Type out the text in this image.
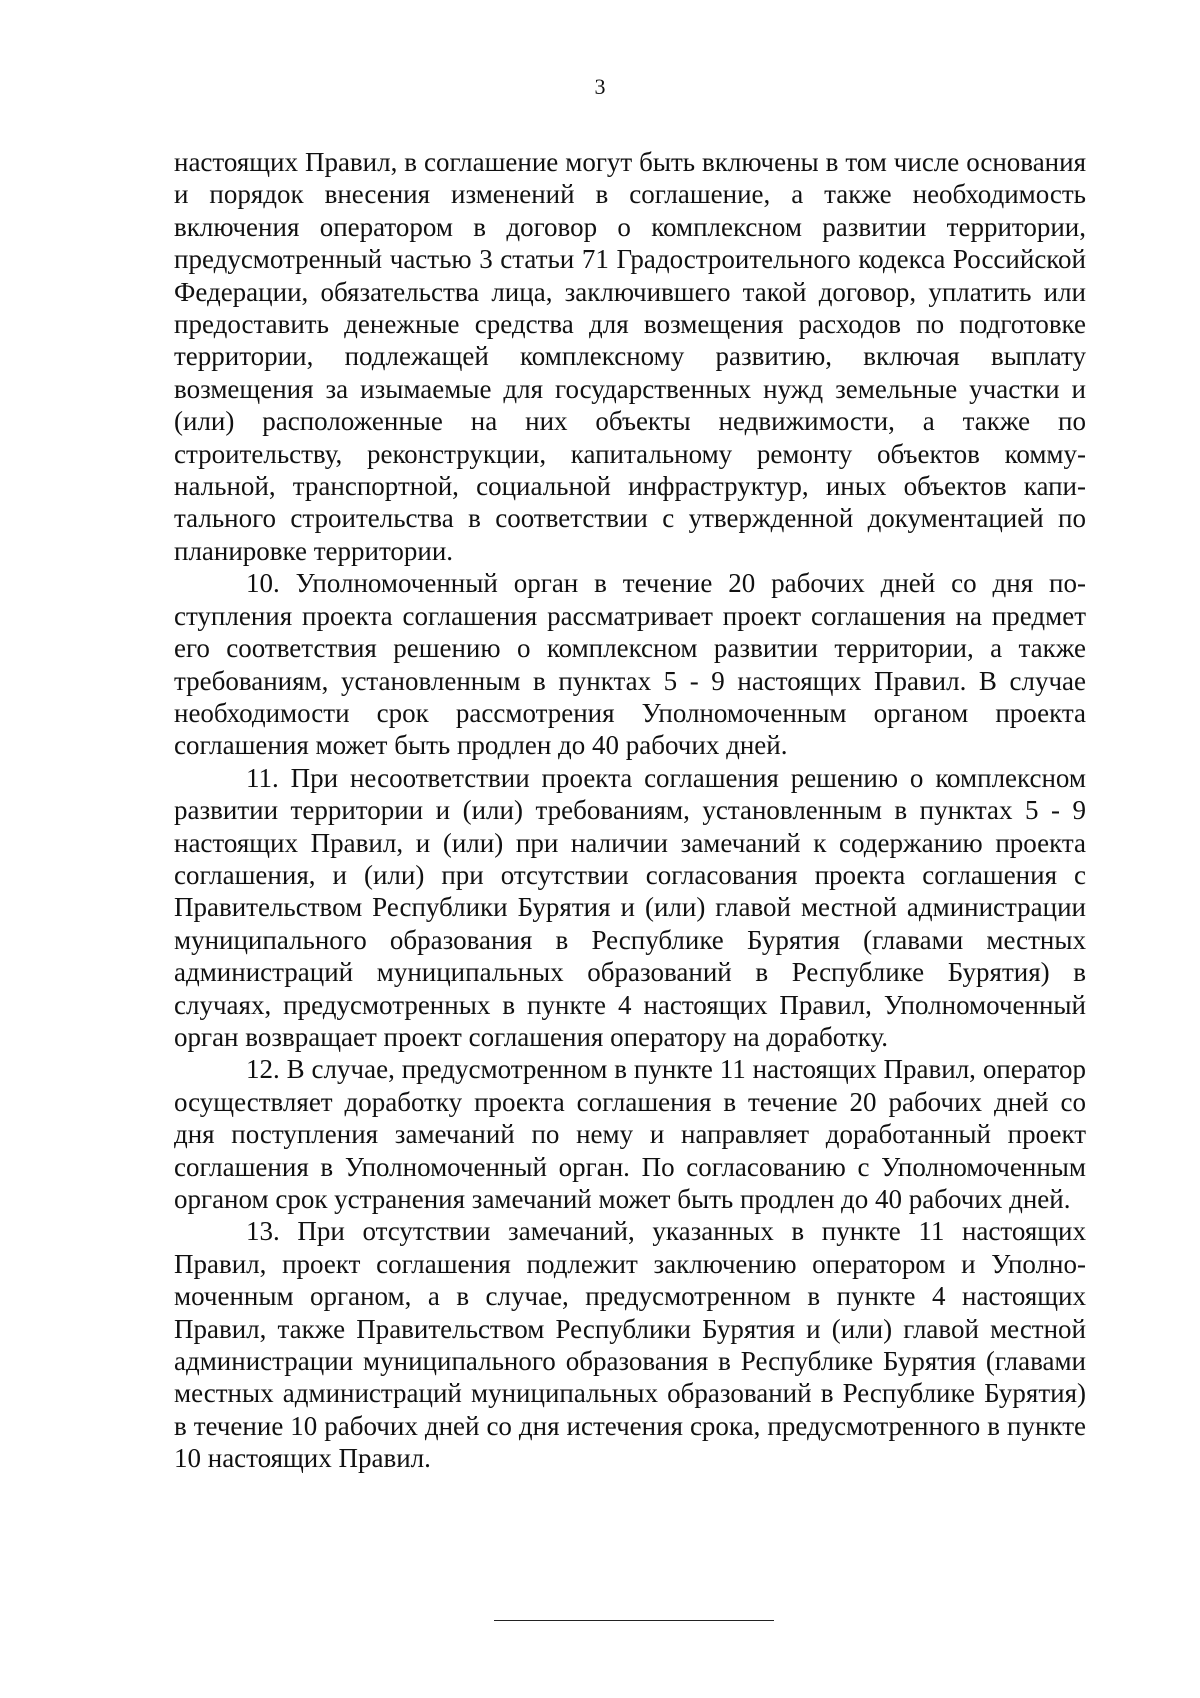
3

настоящих Правил, в соглашение могут быть включены в том числе основания и порядок внесения изменений в соглашение, а также необходимость включения оператором в договор о комплексном развитии территории, предусмотренный частью 3 статьи 71 Градостроительного кодекса Российской Федерации, обязательства лица, заключившего такой договор, уплатить или предоставить денежные средства для возмещения расходов по подготовке территории, подлежащей комплексному развитию, включая выплату возмещения за изымаемые для государственных нужд земельные участки и (или) расположенные на них объекты недвижимости, а также по строительству, реконструкции, капитальному ремонту объектов коммунальной, транспортной, социальной инфраструктур, иных объектов капитального строительства в соответствии с утвержденной документацией по планировке территории.

10. Уполномоченный орган в течение 20 рабочих дней со дня поступления проекта соглашения рассматривает проект соглашения на предмет его соответствия решению о комплексном развитии территории, а также требованиям, установленным в пунктах 5 - 9 настоящих Правил. В случае необходимости срок рассмотрения Уполномоченным органом проекта соглашения может быть продлен до 40 рабочих дней.

11. При несоответствии проекта соглашения решению о комплексном развитии территории и (или) требованиям, установленным в пунктах 5 - 9 настоящих Правил, и (или) при наличии замечаний к содержанию проекта соглашения, и (или) при отсутствии согласования проекта соглашения с Правительством Республики Бурятия и (или) главой местной администрации муниципального образования в Республике Бурятия (главами местных администраций муниципальных образований в Республике Бурятия) в случаях, предусмотренных в пункте 4 настоящих Правил, Уполномоченный орган возвращает проект соглашения оператору на доработку.

12. В случае, предусмотренном в пункте 11 настоящих Правил, оператор осуществляет доработку проекта соглашения в течение 20 рабочих дней со дня поступления замечаний по нему и направляет доработанный проект соглашения в Уполномоченный орган. По согласованию с Уполномоченным органом срок устранения замечаний может быть продлен до 40 рабочих дней.

13. При отсутствии замечаний, указанных в пункте 11 настоящих Правил, проект соглашения подлежит заключению оператором и Уполномоченным органом, а в случае, предусмотренном в пункте 4 настоящих Правил, также Правительством Республики Бурятия и (или) главой местной администрации муниципального образования в Республике Бурятия (главами местных администраций муниципальных образований в Республике Бурятия) в течение 10 рабочих дней со дня истечения срока, предусмотренного в пункте 10 настоящих Правил.
